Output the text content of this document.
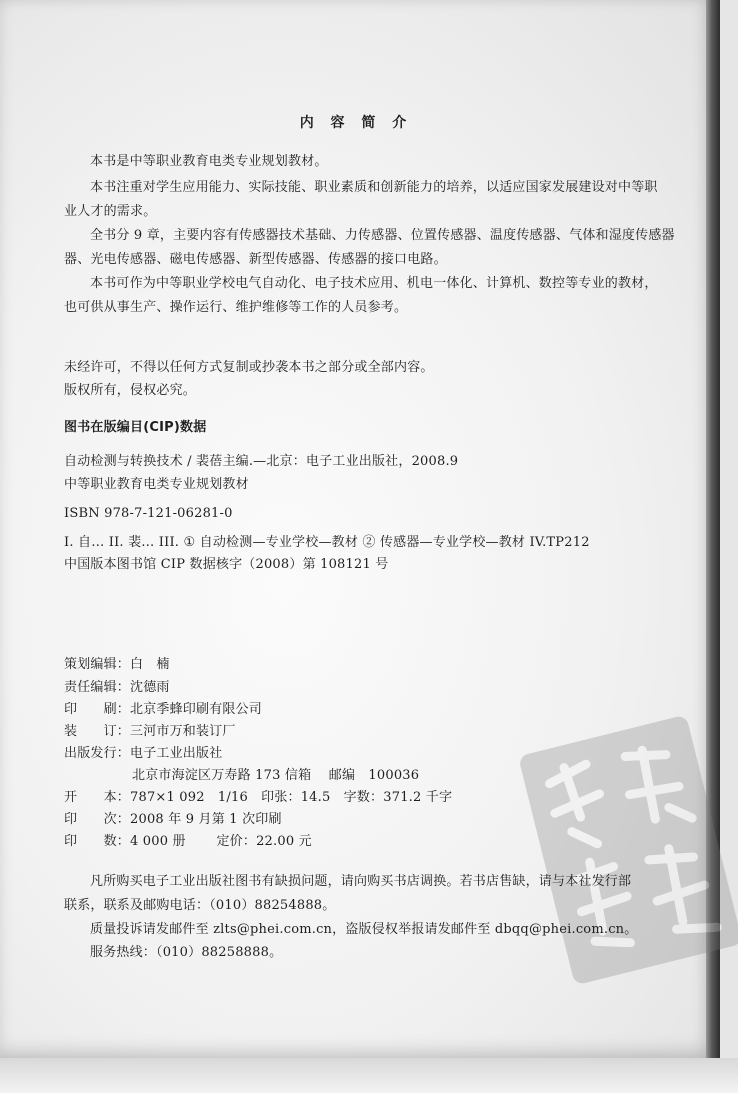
内 容 简 介
本书是中等职业教育电类专业规划教材。
本书注重对学生应用能力、实际技能、职业素质和创新能力的培养，以适应国家发展建设对中等职
业人才的需求。
全书分 9 章，主要内容有传感器技术基础、力传感器、位置传感器、温度传感器、气体和湿度传感器
器、光电传感器、磁电传感器、新型传感器、传感器的接口电路。
本书可作为中等职业学校电气自动化、电子技术应用、机电一体化、计算机、数控等专业的教材，
也可供从事生产、操作运行、维护维修等工作的人员参考。
未经许可，不得以任何方式复制或抄袭本书之部分或全部内容。
版权所有，侵权必究。
图书在版编目(CIP)数据
自动检测与转换技术 / 裴蓓主编.—北京：电子工业出版社，2008.9
中等职业教育电类专业规划教材
ISBN 978-7-121-06281-0
I. 自… II. 裴… III. ① 自动检测—专业学校—教材 ② 传感器—专业学校—教材 IV.TP212
中国版本图书馆 CIP 数据核字（2008）第 108121 号
策划编辑：白　楠
责任编辑：沈德雨
印　　刷：北京季蜂印刷有限公司
装　　订：三河市万和装订厂
出版发行：电子工业出版社
北京市海淀区万寿路 173 信箱　 邮编　100036
开　　本：787×1 092　1/16　印张：14.5　字数：371.2 千字
印　　次：2008 年 9 月第 1 次印刷
印　　数：4 000 册　　 定价：22.00 元
凡所购买电子工业出版社图书有缺损问题，请向购买书店调换。若书店售缺，请与本社发行部
联系，联系及邮购电话：（010）88254888。
质量投诉请发邮件至 zlts@phei.com.cn，盗版侵权举报请发邮件至 dbqq@phei.com.cn。
服务热线：（010）88258888。
